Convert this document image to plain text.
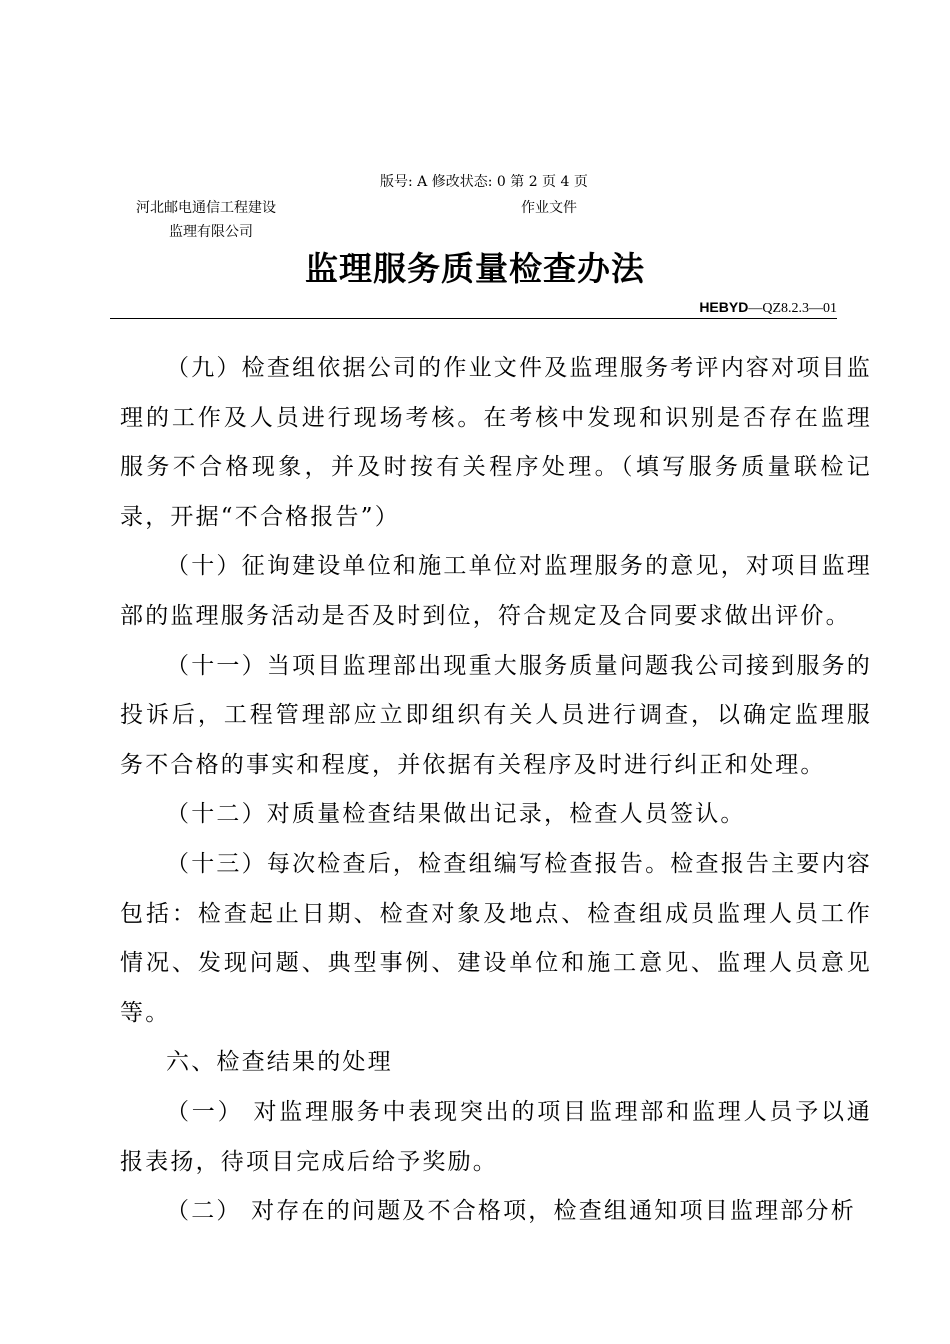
版号: A 修改状态: 0 第 2 页 4 页
河北邮电通信工程建设	作业文件
监理有限公司
监理服务质量检查办法
HEBYD—QZ8.2.3—01

（九）检查组依据公司的作业文件及监理服务考评内容对项目监理的工作及人员进行现场考核。在考核中发现和识别是否存在监理服务不合格现象，并及时按有关程序处理。（填写服务质量联检记录，开据“不合格报告”）

（十）征询建设单位和施工单位对监理服务的意见，对项目监理部的监理服务活动是否及时到位，符合规定及合同要求做出评价。

（十一）当项目监理部出现重大服务质量问题我公司接到服务的投诉后，工程管理部应立即组织有关人员进行调查，以确定监理服务不合格的事实和程度，并依据有关程序及时进行纠正和处理。

（十二）对质量检查结果做出记录，检查人员签认。

（十三）每次检查后，检查组编写检查报告。检查报告主要内容包括：检查起止日期、检查对象及地点、检查组成员监理人员工作情况、发现问题、典型事例、建设单位和施工意见、监理人员意见等。

六、检查结果的处理

（一） 对监理服务中表现突出的项目监理部和监理人员予以通报表扬，待项目完成后给予奖励。

（二） 对存在的问题及不合格项，检查组通知项目监理部分析
